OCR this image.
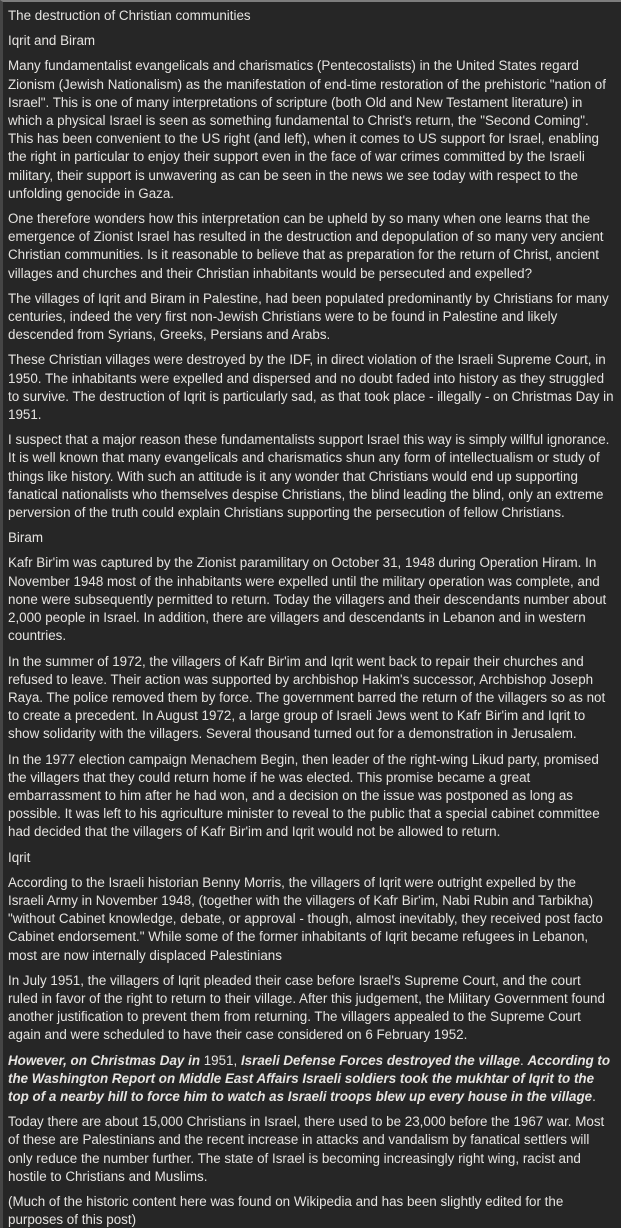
The destruction of Christian communities

Iqrit and Biram

Many fundamentalist evangelicals and charismatics (Pentecostalists) in the United States regard Zionism (Jewish Nationalism) as the manifestation of end-time restoration of the prehistoric "nation of Israel". This is one of many interpretations of scripture (both Old and New Testament literature) in which a physical Israel is seen as something fundamental to Christ's return, the "Second Coming". This has been convenient to the US right (and left), when it comes to US support for Israel, enabling the right in particular to enjoy their support even in the face of war crimes committed by the Israeli military, their support is unwavering as can be seen in the news we see today with respect to the unfolding genocide in Gaza.

One therefore wonders how this interpretation can be upheld by so many when one learns that the emergence of Zionist Israel has resulted in the destruction and depopulation of so many very ancient Christian communities. Is it reasonable to believe that as preparation for the return of Christ, ancient villages and churches and their Christian inhabitants would be persecuted and expelled?

The villages of Iqrit and Biram in Palestine, had been populated predominantly by Christians for many centuries, indeed the very first non-Jewish Christians were to be found in Palestine and likely descended from Syrians, Greeks, Persians and Arabs.

These Christian villages were destroyed by the IDF, in direct violation of the Israeli Supreme Court, in 1950. The inhabitants were expelled and dispersed and no doubt faded into history as they struggled to survive. The destruction of Iqrit is particularly sad, as that took place - illegally - on Christmas Day in 1951.

I suspect that a major reason these fundamentalists support Israel this way is simply willful ignorance. It is well known that many evangelicals and charismatics shun any form of intellectualism or study of things like history. With such an attitude is it any wonder that Christians would end up supporting fanatical nationalists who themselves despise Christians, the blind leading the blind, only an extreme perversion of the truth could explain Christians supporting the persecution of fellow Christians.

Biram

Kafr Bir'im was captured by the Zionist paramilitary on October 31, 1948 during Operation Hiram. In November 1948 most of the inhabitants were expelled until the military operation was complete, and none were subsequently permitted to return. Today the villagers and their descendants number about 2,000 people in Israel. In addition, there are villagers and descendants in Lebanon and in western countries.

In the summer of 1972, the villagers of Kafr Bir'im and Iqrit went back to repair their churches and refused to leave. Their action was supported by archbishop Hakim's successor, Archbishop Joseph Raya. The police removed them by force. The government barred the return of the villagers so as not to create a precedent. In August 1972, a large group of Israeli Jews went to Kafr Bir'im and Iqrit to show solidarity with the villagers. Several thousand turned out for a demonstration in Jerusalem.

In the 1977 election campaign Menachem Begin, then leader of the right-wing Likud party, promised the villagers that they could return home if he was elected. This promise became a great embarrassment to him after he had won, and a decision on the issue was postponed as long as possible. It was left to his agriculture minister to reveal to the public that a special cabinet committee had decided that the villagers of Kafr Bir'im and Iqrit would not be allowed to return.

Iqrit

According to the Israeli historian Benny Morris, the villagers of Iqrit were outright expelled by the Israeli Army in November 1948, (together with the villagers of Kafr Bir'im, Nabi Rubin and Tarbikha) "without Cabinet knowledge, debate, or approval - though, almost inevitably, they received post facto Cabinet endorsement." While some of the former inhabitants of Iqrit became refugees in Lebanon, most are now internally displaced Palestinians

In July 1951, the villagers of Iqrit pleaded their case before Israel's Supreme Court, and the court ruled in favor of the right to return to their village. After this judgement, the Military Government found another justification to prevent them from returning. The villagers appealed to the Supreme Court again and were scheduled to have their case considered on 6 February 1952.

However, on Christmas Day in 1951, Israeli Defense Forces destroyed the village. According to the Washington Report on Middle East Affairs Israeli soldiers took the mukhtar of Iqrit to the top of a nearby hill to force him to watch as Israeli troops blew up every house in the village.

Today there are about 15,000 Christians in Israel, there used to be 23,000 before the 1967 war. Most of these are Palestinians and the recent increase in attacks and vandalism by fanatical settlers will only reduce the number further. The state of Israel is becoming increasingly right wing, racist and hostile to Christians and Muslims.

(Much of the historic content here was found on Wikipedia and has been slightly edited for the purposes of this post)
